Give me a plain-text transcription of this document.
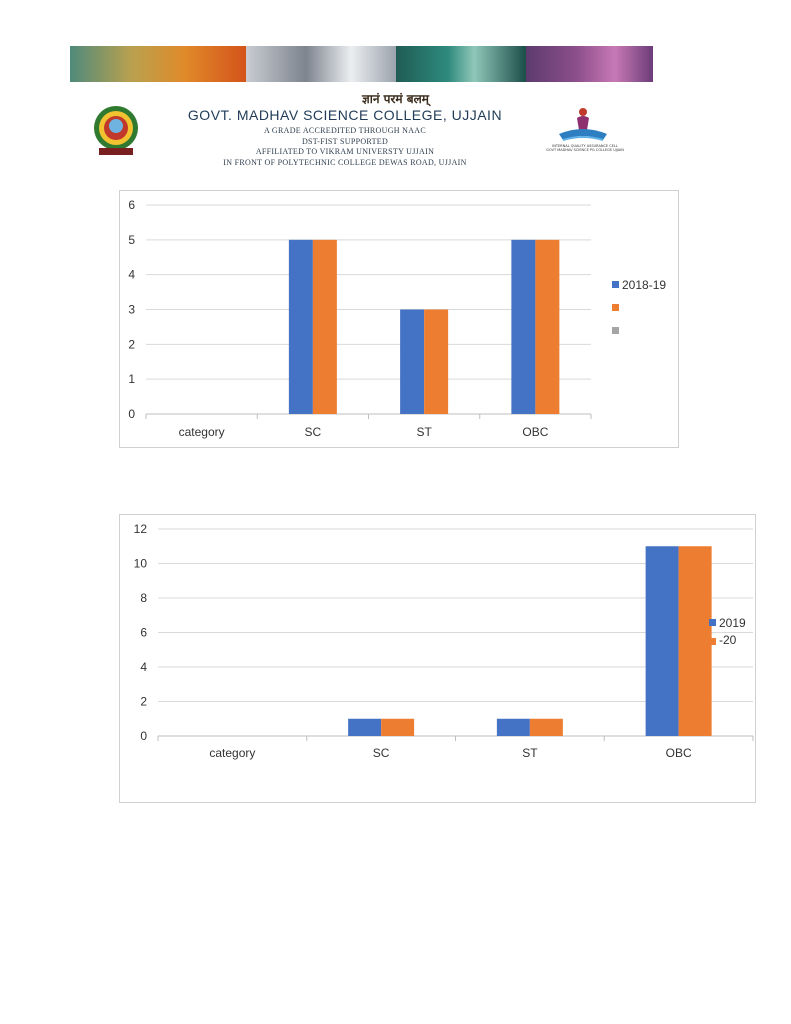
ज्ञानं परमं बलम्
GOVT. MADHAV SCIENCE COLLEGE, UJJAIN
A GRADE ACCREDITED THROUGH NAAC
DST-FIST SUPPORTED
AFFILIATED TO VIKRAM UNIVERSTY UJJAIN
IN FRONT OF POLYTECHNIC COLLEGE DEWAS ROAD, UJJAIN
INTERNAL QUALITY ASSURANCE CELL
GOVT MADHAV SCIENCE PG COLLEGE UJJAIN
0
1
2
3
4
5
6
category	SC	ST	OBC
2018-19
0
2
4
6
8
10
12
category	SC	ST	OBC
2019
-20
